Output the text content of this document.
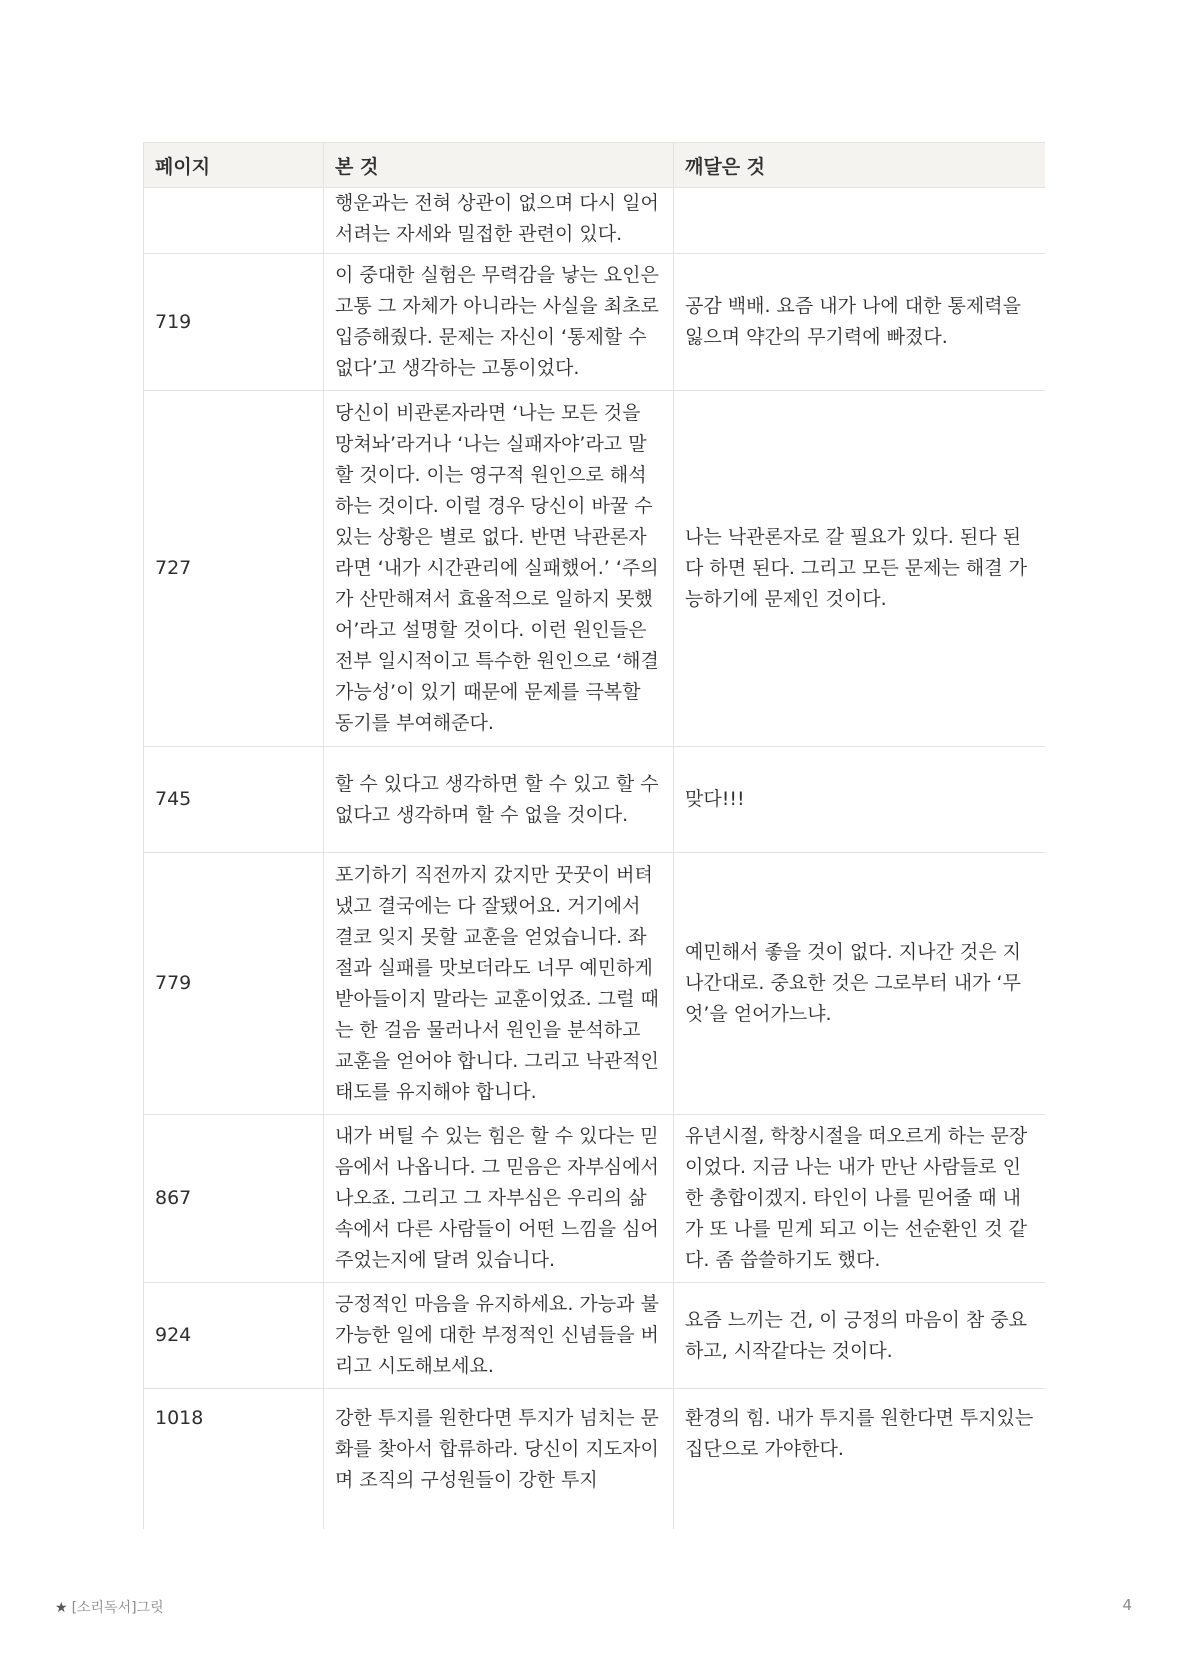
페이지	본 것	깨달은 것
	행운과는 전혀 상관이 없으며 다시 일어서려는 자세와 밀접한 관련이 있다.	
719	이 중대한 실험은 무력감을 낳는 요인은 고통 그 자체가 아니라는 사실을 최초로 입증해줬다. 문제는 자신이 ‘통제할 수 없다’고 생각하는 고통이었다.	공감 백배. 요즘 내가 나에 대한 통제력을 잃으며 약간의 무기력에 빠졌다.
727	당신이 비관론자라면 ‘나는 모든 것을 망쳐놔’라거나 ‘나는 실패자야’라고 말할 것이다. 이는 영구적 원인으로 해석하는 것이다. 이럴 경우 당신이 바꿀 수 있는 상황은 별로 없다. 반면 낙관론자라면 ‘내가 시간관리에 실패했어.’ ‘주의가 산만해져서 효율적으로 일하지 못했어’라고 설명할 것이다. 이런 원인들은 전부 일시적이고 특수한 원인으로 ‘해결가능성’이 있기 때문에 문제를 극복할 동기를 부여해준다.	나는 낙관론자로 갈 필요가 있다. 된다 된다 하면 된다. 그리고 모든 문제는 해결 가능하기에 문제인 것이다.
745	할 수 있다고 생각하면 할 수 있고 할 수 없다고 생각하며 할 수 없을 것이다.	맞다!!!
779	포기하기 직전까지 갔지만 꿋꿋이 버텨냈고 결국에는 다 잘됐어요. 거기에서 결코 잊지 못할 교훈을 얻었습니다. 좌절과 실패를 맛보더라도 너무 예민하게 받아들이지 말라는 교훈이었죠. 그럴 때는 한 걸음 물러나서 원인을 분석하고 교훈을 얻어야 합니다. 그리고 낙관적인 태도를 유지해야 합니다.	예민해서 좋을 것이 없다. 지나간 것은 지나간대로. 중요한 것은 그로부터 내가 ‘무엇’을 얻어가느냐.
867	내가 버틸 수 있는 힘은 할 수 있다는 믿음에서 나옵니다. 그 믿음은 자부심에서 나오죠. 그리고 그 자부심은 우리의 삶 속에서 다른 사람들이 어떤 느낌을 심어주었는지에 달려 있습니다.	유년시절, 학창시절을 떠오르게 하는 문장이었다. 지금 나는 내가 만난 사람들로 인한 총합이겠지. 타인이 나를 믿어줄 때 내가 또 나를 믿게 되고 이는 선순환인 것 같다. 좀 씁쓸하기도 했다.
924	긍정적인 마음을 유지하세요. 가능과 불가능한 일에 대한 부정적인 신념들을 버리고 시도해보세요.	요즘 느끼는 건, 이 긍정의 마음이 참 중요하고, 시작같다는 것이다.
1018	강한 투지를 원한다면 투지가 넘치는 문화를 찾아서 합류하라. 당신이 지도자이며 조직의 구성원들이 강한 투지	환경의 힘. 내가 투지를 원한다면 투지있는 집단으로 가야한다.
★ [소리독서]그릿	4
